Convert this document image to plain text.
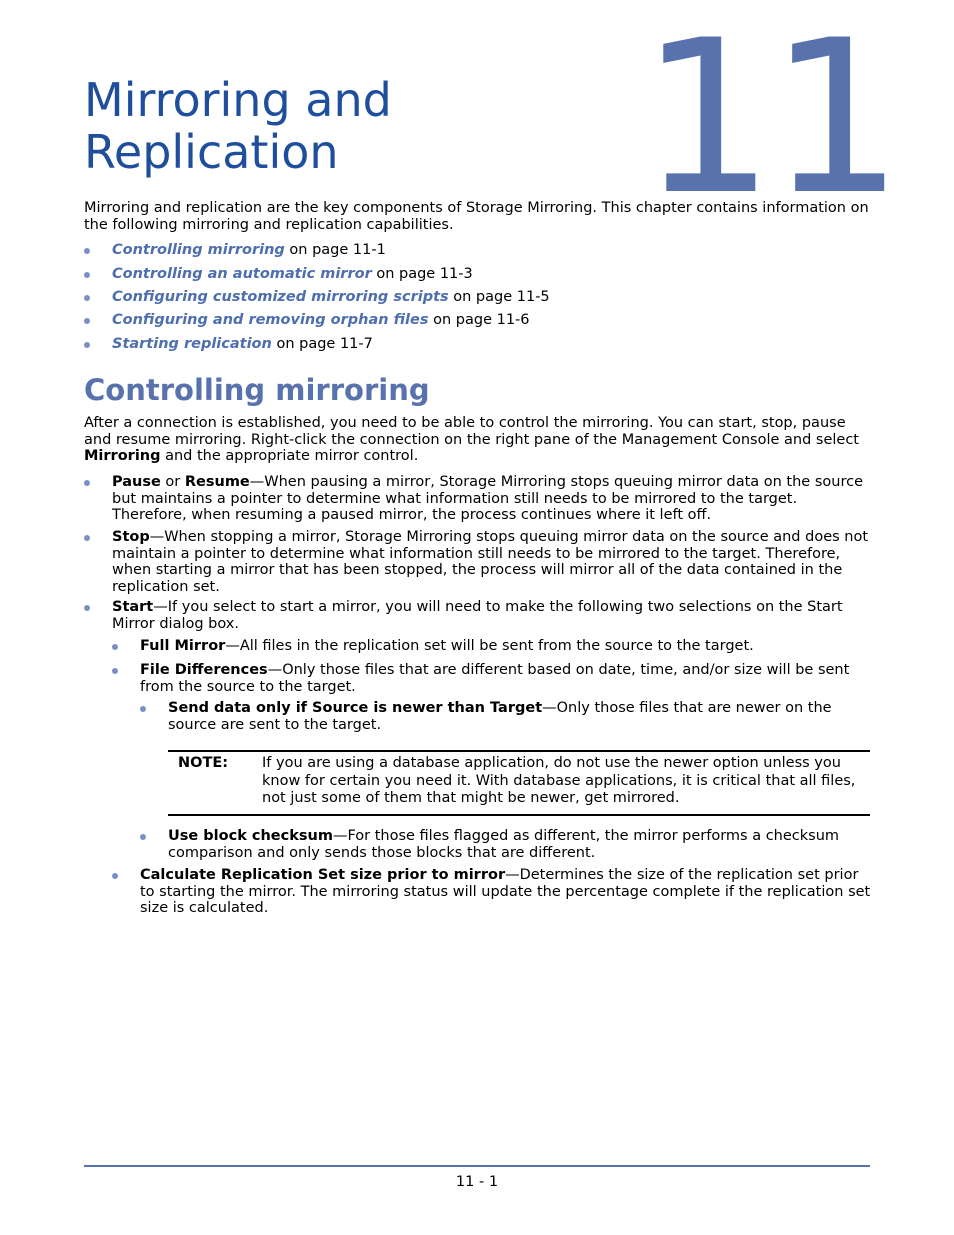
Mirroring and
Replication 11

Mirroring and replication are the key components of Storage Mirroring. This chapter contains information on the following mirroring and replication capabilities.

Controlling mirroring on page 11-1
Controlling an automatic mirror on page 11-3
Configuring customized mirroring scripts on page 11-5
Configuring and removing orphan files on page 11-6
Starting replication on page 11-7
Controlling mirroring

After a connection is established, you need to be able to control the mirroring. You can start, stop, pause and resume mirroring. Right-click the connection on the right pane of the Management Console and select Mirroring and the appropriate mirror control.

Pause or Resume—When pausing a mirror, Storage Mirroring stops queuing mirror data on the source but maintains a pointer to determine what information still needs to be mirrored to the target. Therefore, when resuming a paused mirror, the process continues where it left off.
Stop—When stopping a mirror, Storage Mirroring stops queuing mirror data on the source and does not maintain a pointer to determine what information still needs to be mirrored to the target. Therefore, when starting a mirror that has been stopped, the process will mirror all of the data contained in the replication set.
Start—If you select to start a mirror, you will need to make the following two selections on the Start Mirror dialog box.
Full Mirror—All files in the replication set will be sent from the source to the target.
File Differences—Only those files that are different based on date, time, and/or size will be sent from the source to the target.
Send data only if Source is newer than Target—Only those files that are newer on the source are sent to the target.
NOTE: If you are using a database application, do not use the newer option unless you know for certain you need it. With database applications, it is critical that all files, not just some of them that might be newer, get mirrored.
Use block checksum—For those files flagged as different, the mirror performs a checksum comparison and only sends those blocks that are different.
Calculate Replication Set size prior to mirror—Determines the size of the replication set prior to starting the mirror. The mirroring status will update the percentage complete if the replication set size is calculated.
11 - 1
